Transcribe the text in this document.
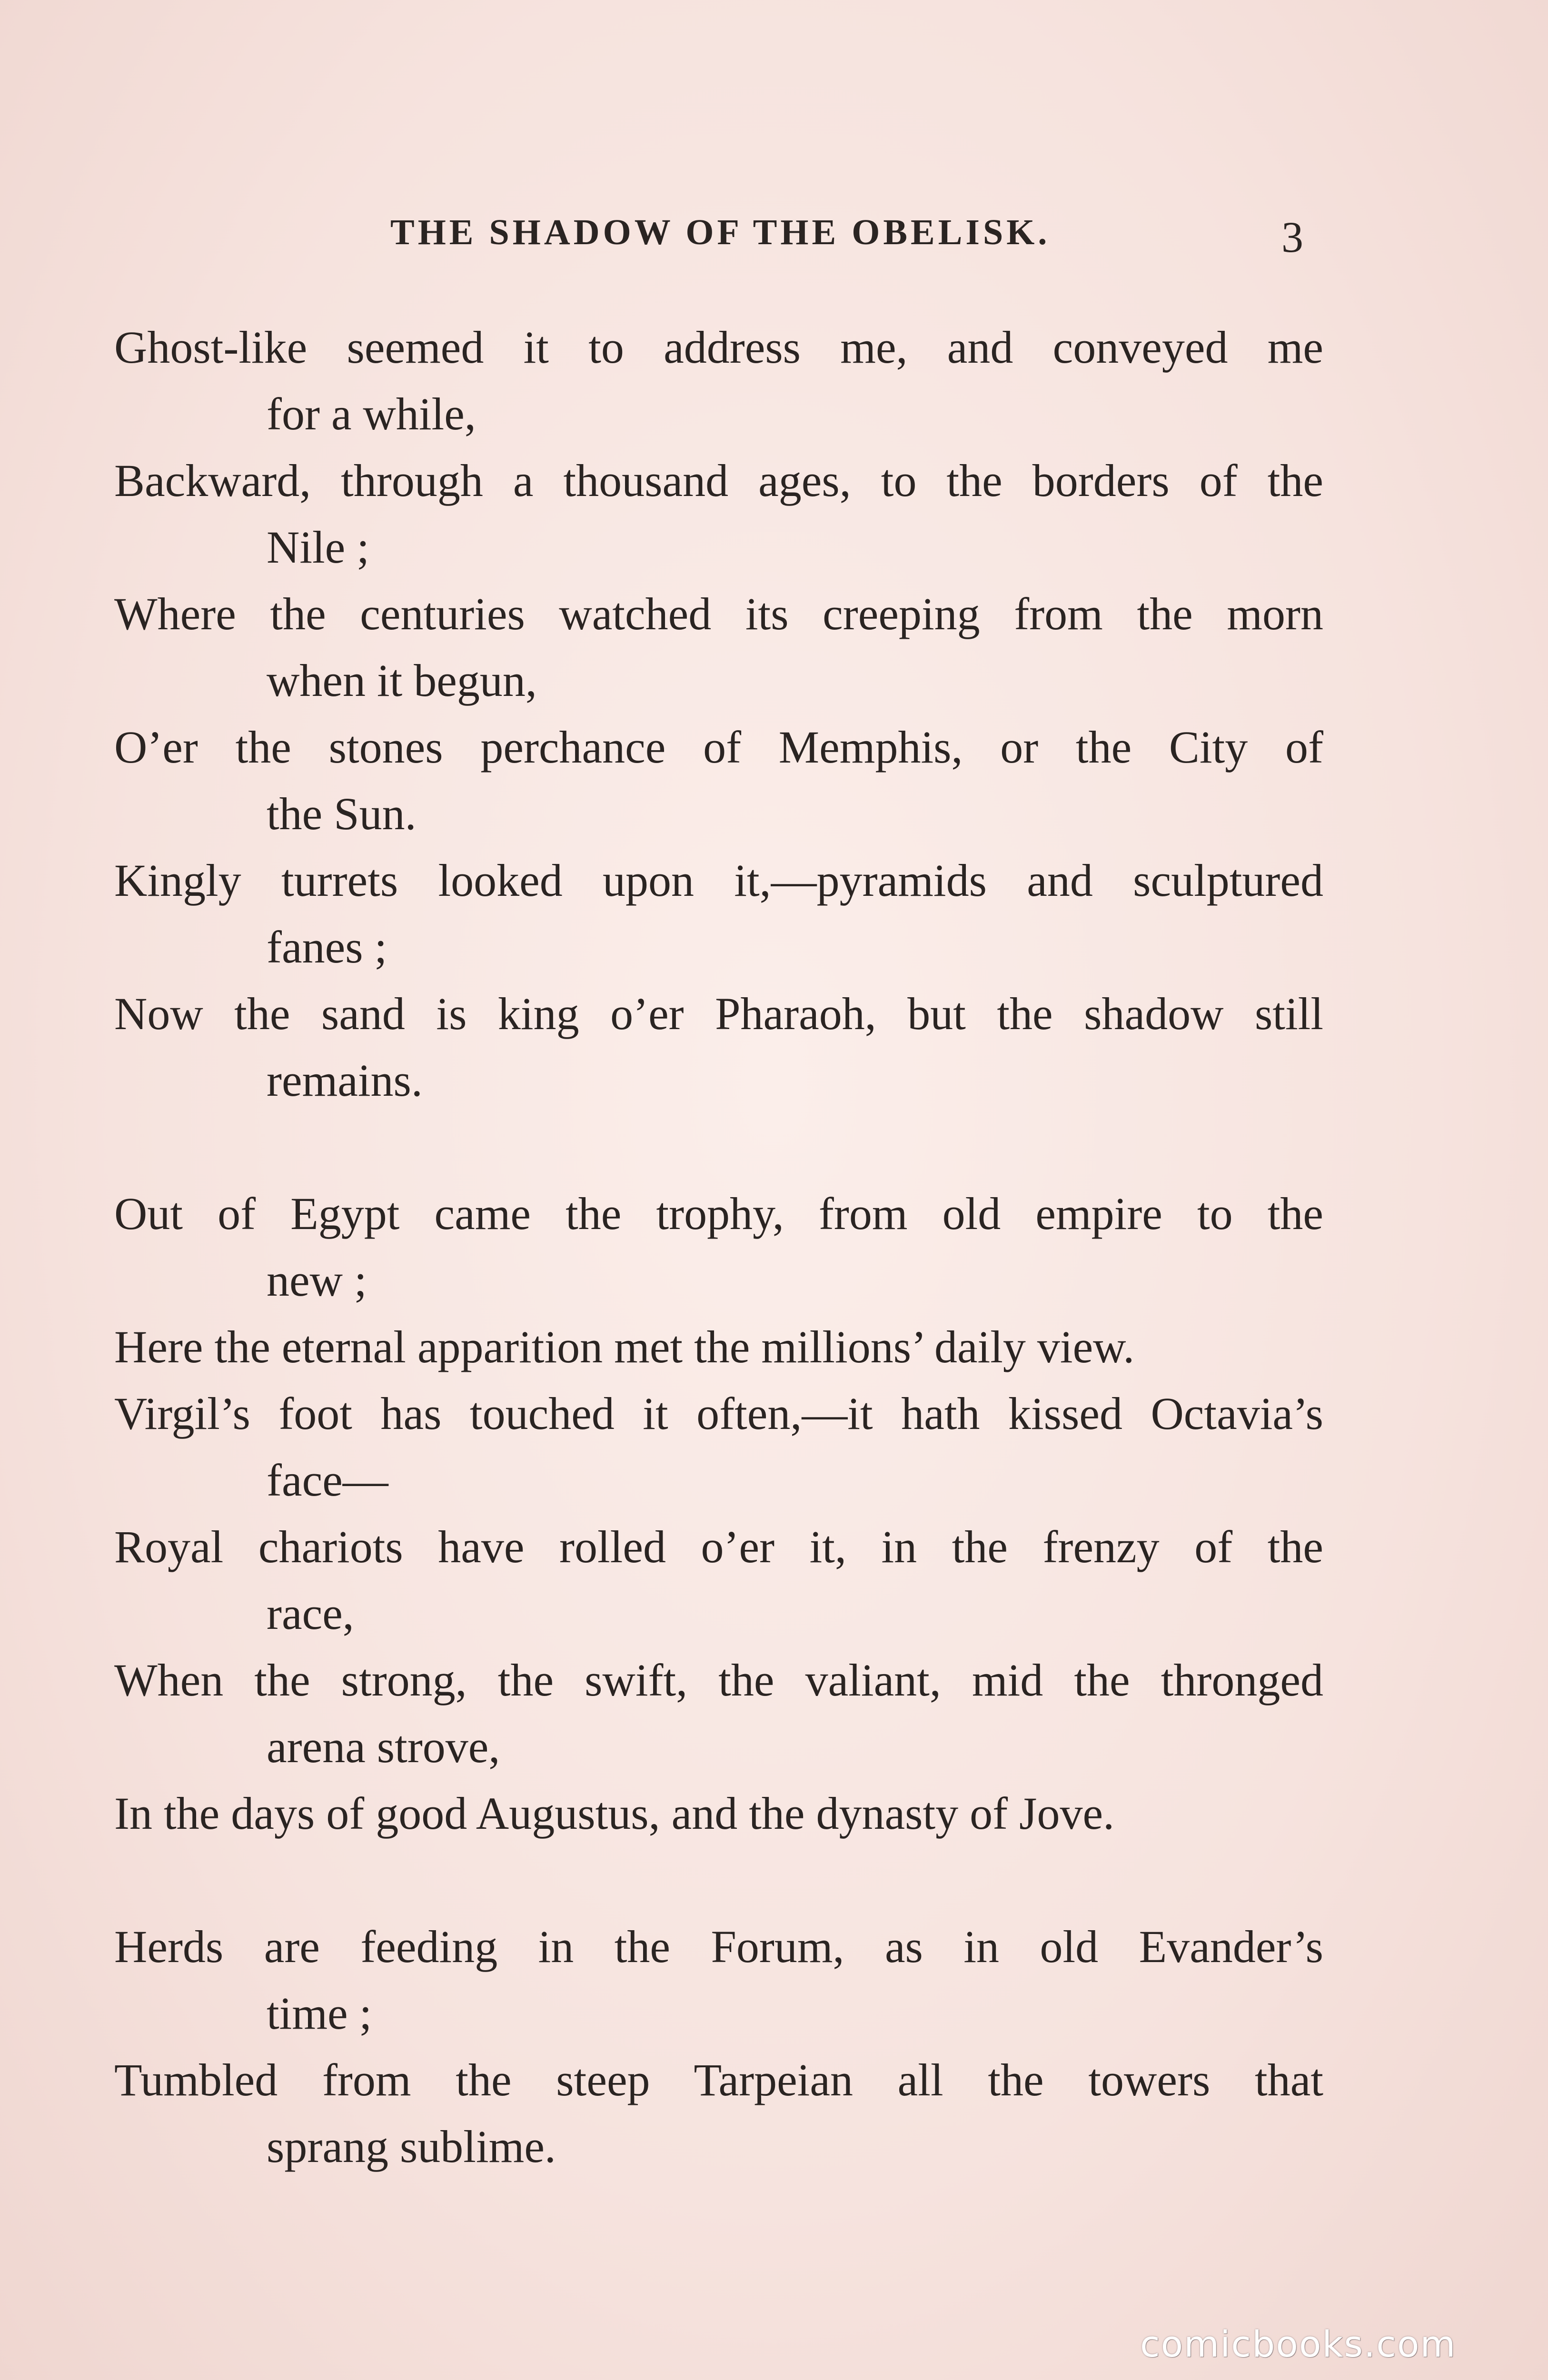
THE SHADOW OF THE OBELISK.	3
Ghost-like seemed it to address me, and conveyed me
for a while,
Backward, through a thousand ages, to the borders of the
Nile ;
Where the centuries watched its creeping from the morn
when it begun,
O’er the stones perchance of Memphis, or the City of
the Sun.
Kingly turrets looked upon it,—pyramids and sculptured
fanes ;
Now the sand is king o’er Pharaoh, but the shadow still
remains.
Out of Egypt came the trophy, from old empire to the
new ;
Here the eternal apparition met the millions’ daily view.
Virgil’s foot has touched it often,—it hath kissed Octavia’s
face—
Royal chariots have rolled o’er it, in the frenzy of the
race,
When the strong, the swift, the valiant, mid the thronged
arena strove,
In the days of good Augustus, and the dynasty of Jove.
Herds are feeding in the Forum, as in old Evander’s
time ;
Tumbled from the steep Tarpeian all the towers that
sprang sublime.
comicbooks.com
